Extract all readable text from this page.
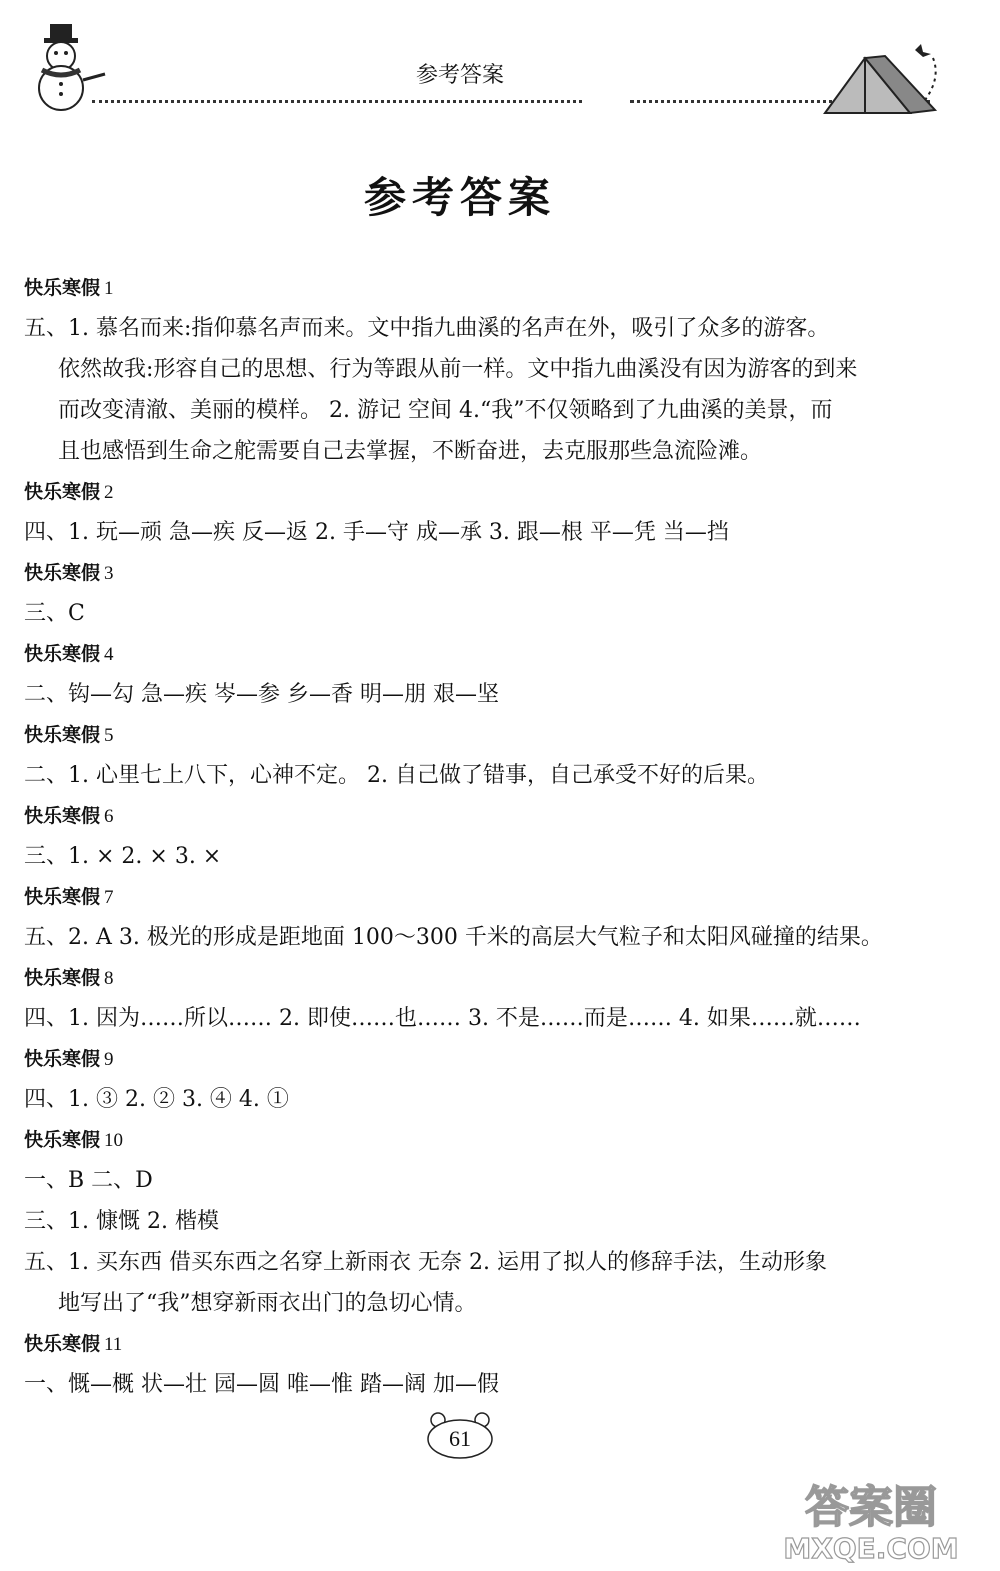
参考答案
参考答案
快乐寒假 1
五、1. 慕名而来:指仰慕名声而来。文中指九曲溪的名声在外，吸引了众多的游客。
依然故我:形容自己的思想、行为等跟从前一样。文中指九曲溪没有因为游客的到来
而改变清澈、美丽的模样。 2. 游记 空间 4.“我”不仅领略到了九曲溪的美景，而
且也感悟到生命之舵需要自己去掌握，不断奋进，去克服那些急流险滩。
快乐寒假 2
四、1. 玩—顽 急—疾 反—返 2. 手—守 成—承 3. 跟—根 平—凭 当—挡
快乐寒假 3
三、C
快乐寒假 4
二、钩—勾 急—疾 岑—参 乡—香 明—朋 艰—坚
快乐寒假 5
二、1. 心里七上八下，心神不定。 2. 自己做了错事，自己承受不好的后果。
快乐寒假 6
三、1. × 2. × 3. ×
快乐寒假 7
五、2. A 3. 极光的形成是距地面 100～300 千米的高层大气粒子和太阳风碰撞的结果。
快乐寒假 8
四、1. 因为……所以…… 2. 即使……也…… 3. 不是……而是…… 4. 如果……就……
快乐寒假 9
四、1. ③ 2. ② 3. ④ 4. ①
快乐寒假 10
一、B 二、D
三、1. 慷慨 2. 楷模
五、1. 买东西 借买东西之名穿上新雨衣 无奈 2. 运用了拟人的修辞手法，生动形象
地写出了“我”想穿新雨衣出门的急切心情。
快乐寒假 11
一、慨—概 状—壮 园—圆 唯—惟 踏—阔 加—假
61
答案圈
MXQE.COM
